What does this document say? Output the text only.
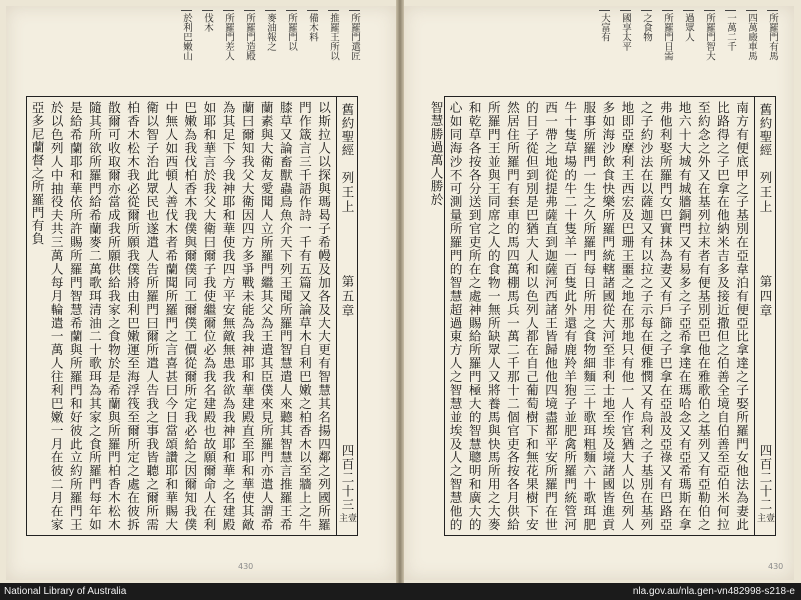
所羅門遣匠
推羅王所以
備木料
所羅門以
麥油報之
所羅門造殿
所羅門差人
伐木
於利巴嫩山
以斯拉人以探與瑪曷子希幔及加各及大大更有智慧其名揚四鄰之列國所羅門作箴言三千語作詩一千有五篇又論草木自利巴嫩之柏香木以至牆上之牛膝草又論畜獸蟲鳥魚介天下列王聞所羅門智慧遣人來聽其智慧言推羅王希蘭素與大衛友愛聞人立所羅門繼其父為王遣其臣僕來見所羅門亦遣人謂希蘭曰爾知我父大衛因四方多爭戰未能為我神耶和華建殿直至耶和華使其敵為其足下今我神耶和華使我四方平安無敵無患我欲為我神耶和華之名建殿如耶和華言於我父大衛曰爾子我使繼爾位必為我名建殿也故願爾命人在利巴嫩為我伐柏香木我僕與爾僕同工爾僕工價從爾所定我必給之因爾知我僕中無人如西頓人善伐木者希蘭聞所羅門之言喜甚曰今日當頌讚耶和華賜大衛以智子治此眾民也遂遣人告所羅門曰爾所遣人告我之事我皆聽之爾所需柏香木松木我必從爾所願我僕將由利巴嫩運至海浮筏至爾所定之處在彼拆散爾可收取爾亦當成我所願供給我家之食物於是希蘭與所羅門柏香木松木隨其所欲所羅門給希蘭麥二萬歌珥清油二十歌珥為其家之食所羅門每年如是給希蘭耶和華依所許賜所羅門智慧希蘭與所羅門和好彼此立約所羅門王於以色列人中抽役夫共三萬人每月輪遣一萬人往利巴嫩一月在彼二月在家亞多尼蘭督之所羅門有負	舊約聖經
列王上
第五章
四百二十三
主壹
430
所羅門有馬
四萬廄車馬
一萬二千
所羅門智大
過眾人
所羅門日需
之食物
國享太平
大富有
南方有便底甲之子基別在亞韋泊有便亞比拿達之子娶所羅門女他法為妻此比路得之子巴拿在他納米吉多及接近撒但之伯善全境自伯善至亞伯米何拉至約念之外又在基列拉末者有便基別亞巴他在雅歌伯之基列又有亞勒伯之地六十大城有城牆銅閂又有易多之子亞希拿達在瑪哈念又有亞希瑪斯在拿弗他利娶所羅門女巴實抹為妻又有戶篩之子巴拿在亞設及亞祿又有巴路亞之子約沙法在以薩迦又有以拉之子示每在便雅憫又有烏利之子基別在基列地即亞摩利王西宏及巴珊王噩之地在那地只有他一人作官猶大人以色列人多如海沙飲食快樂所羅門統轄諸國從大河至非利士地至埃及境諸國皆進貢服事所羅門一生之久所羅門每日所用之食物細麵三十歌珥粗麵六十歌珥肥牛十隻草場的牛二十隻羊一百隻此外還有鹿羚羊狍子並肥禽所羅門統管河西一帶之地從提弗薩直到迦薩河西諸王皆歸他他四境盡都平安所羅門在世的日子從但到別是巴猶大人和以色列人都在自己葡萄樹下和無花果樹下安然居住所羅門有套車的馬四萬棚馬兵一萬二千那十二個官吏各按各月供給所羅門王並與王同席之人的食物一無所缺眾人又將養馬與快馬所用之大麥和乾草各按各分送到官吏所在之處神賜給所羅門極大的智慧聰明和廣大的心如同海沙不可測量所羅門的智慧超過東方人之智慧並埃及人之智慧他的智慧勝過萬人勝於	舊約聖經
列王上
第四章
四百二十二
主壹
430
National Library of Australia	nla.gov.au/nla.gen-vn482998-s218-e
